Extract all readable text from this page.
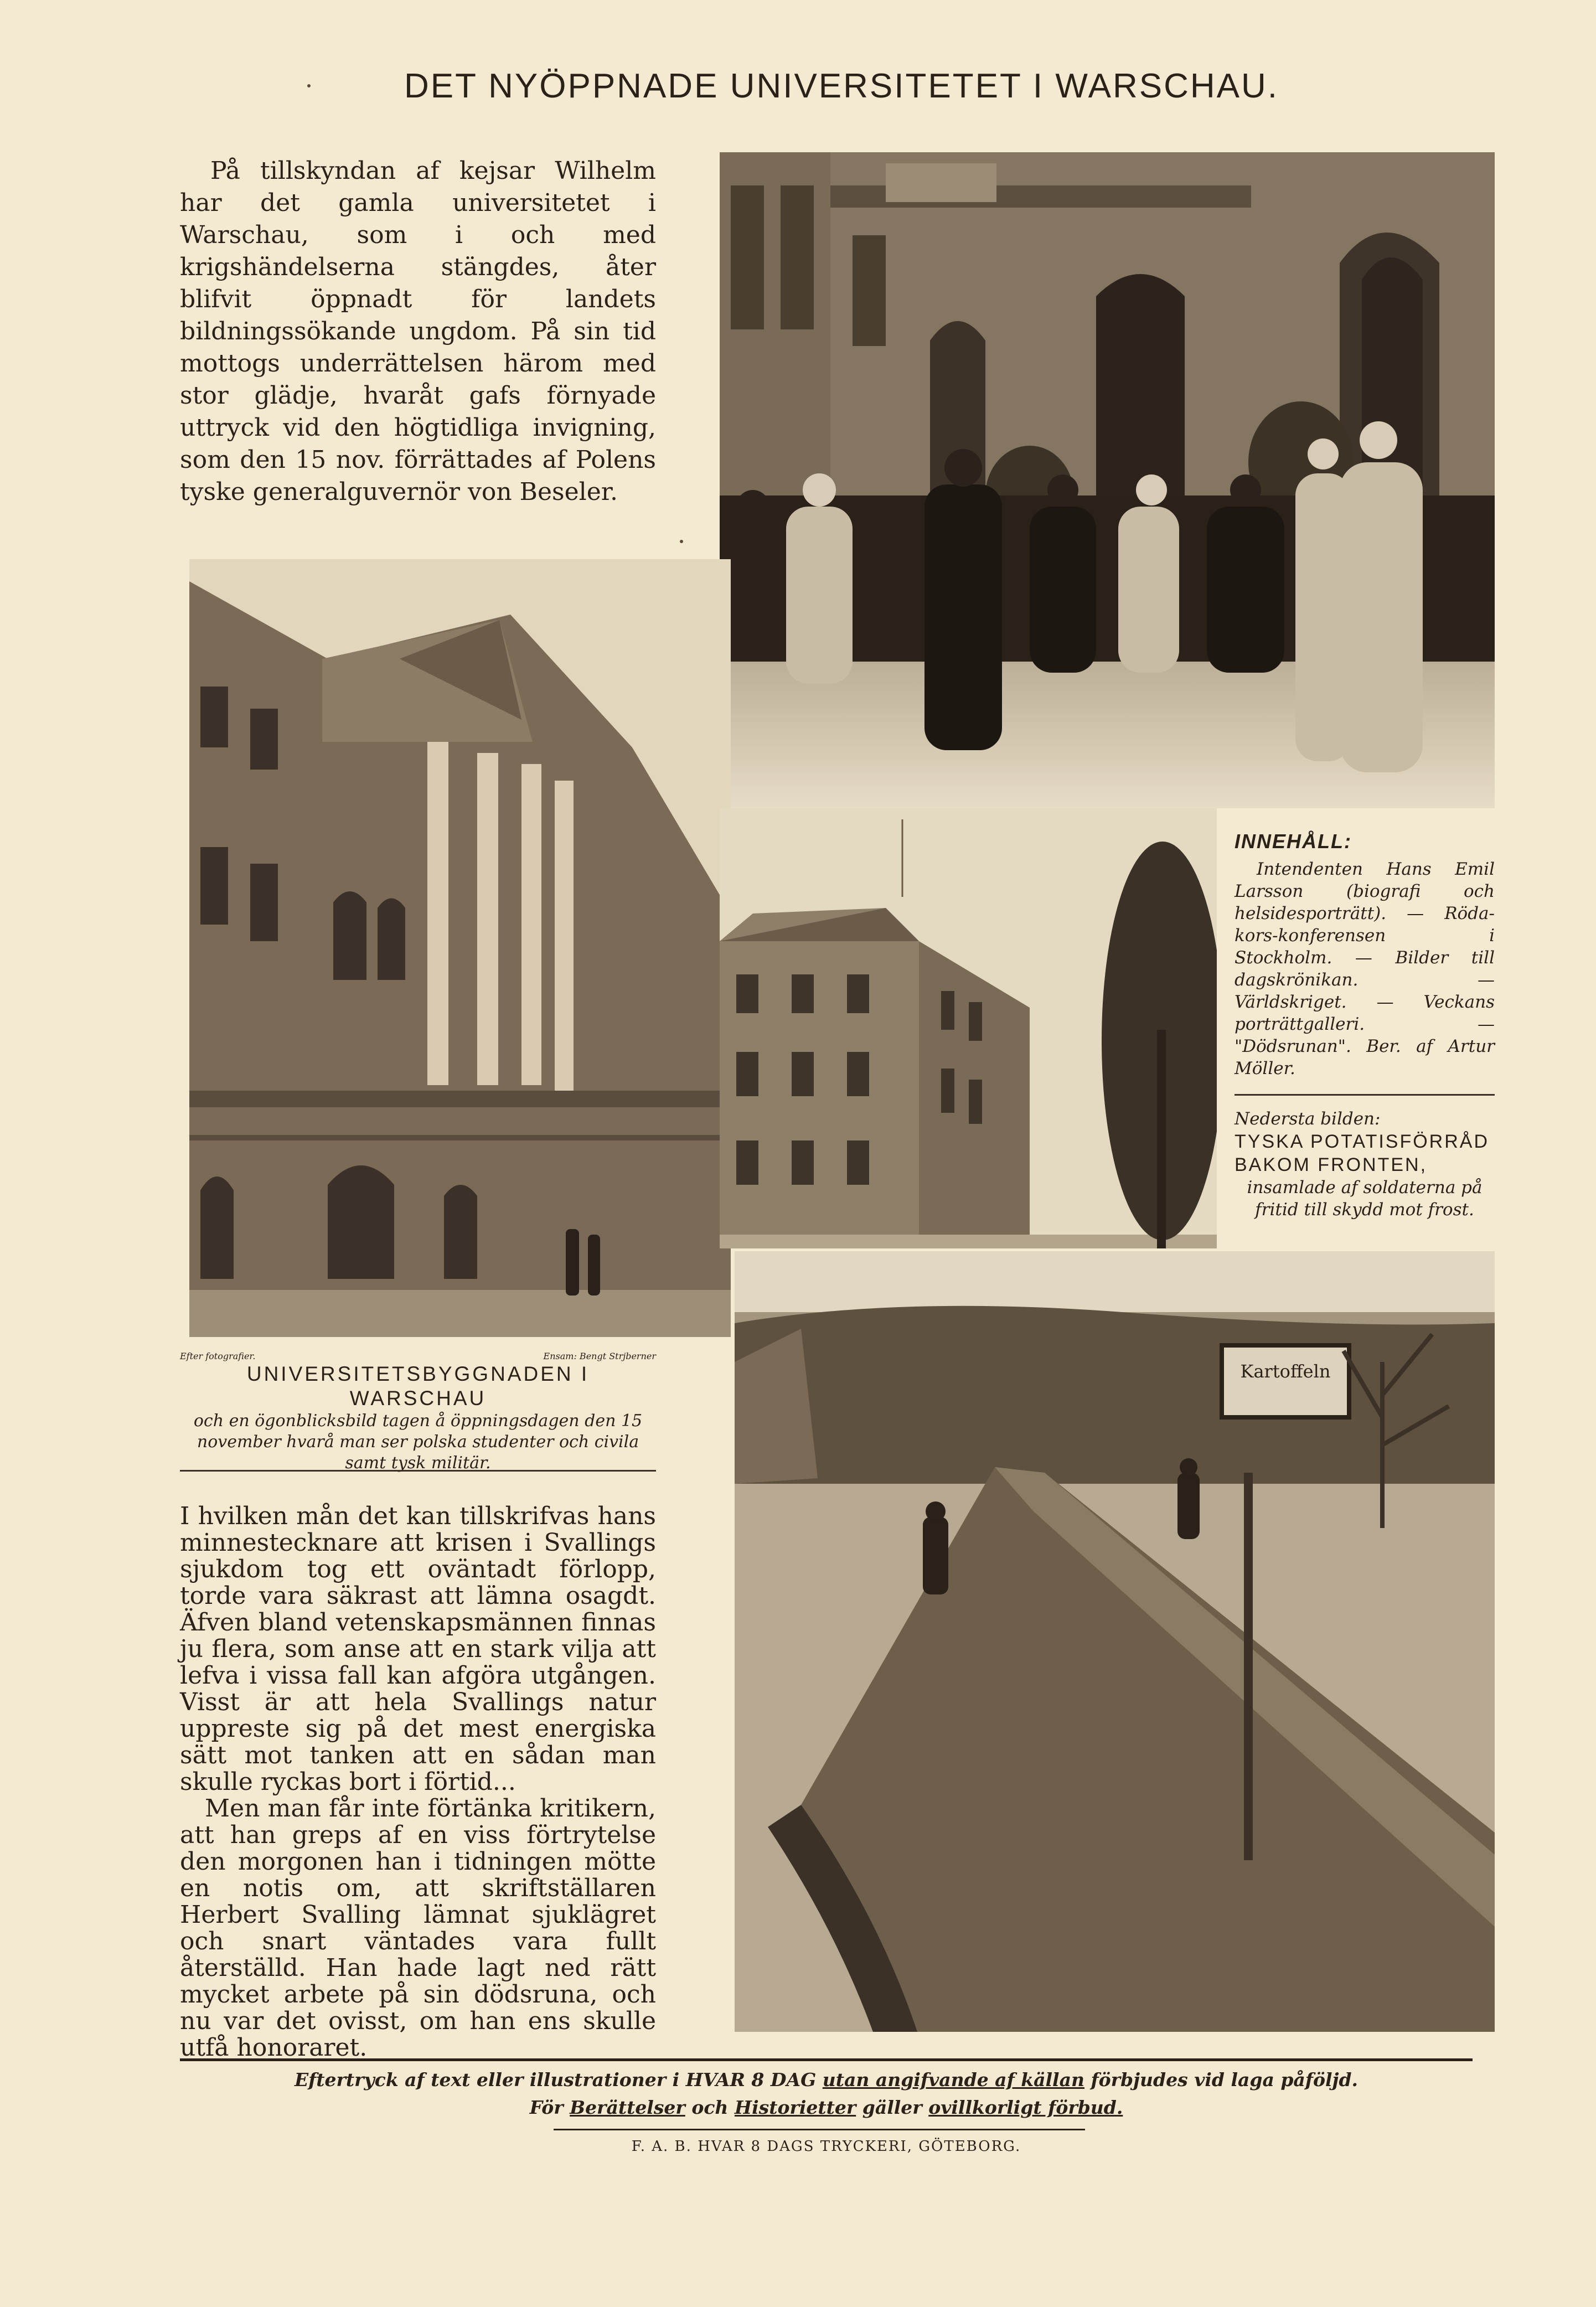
DET NYÖPPNADE UNIVERSITETET I WARSCHAU.
På tillskyndan af kejsar Wilhelm har det gamla universitetet i Warschau, som i och med krigshändelserna stängdes, åter blifvit öppnadt för landets bildningssökande ungdom. På sin tid mottogs underrättelsen härom med stor glädje, hvaråt gafs förnyade uttryck vid den högtidliga invigning, som den 15 nov. förrättades af Polens tyske generalguvernör von Beseler.
Kartoffeln
INNEHÅLL:
Intendenten Hans Emil Larsson (biografi och helsidesporträtt). — Röda-kors-konferensen i Stockholm. — Bilder till dagskrönikan. — Världskriget. — Veckans porträttgalleri. — "Dödsrunan". Ber. af Artur Möller.
Nedersta bilden:
TYSKA POTATISFÖRRÅD BAKOM FRONTEN,
insamlade af soldaterna på fritid till skydd mot frost.
Efter fotografier.	Ensam: Bengt Strjberner
UNIVERSITETSBYGGNADEN I WARSCHAU
och en ögonblicksbild tagen å öppningsdagen den 15 november hvarå man ser polska studenter och civila samt tysk militär.

I hvilken mån det kan tillskrifvas hans minnestecknare att krisen i Svallings sjukdom tog ett oväntadt förlopp, torde vara säkrast att lämna osagdt. Äfven bland vetenskapsmännen finnas ju flera, som anse att en stark vilja att lefva i vissa fall kan afgöra utgången. Visst är att hela Svallings natur uppreste sig på det mest energiska sätt mot tanken att en sådan man skulle ryckas bort i förtid...

Men man får inte förtänka kritikern, att han greps af en viss förtrytelse den morgonen han i tidningen mötte en notis om, att skriftställaren Herbert Svalling lämnat sjuklägret och snart väntades vara fullt återställd. Han hade lagt ned rätt mycket arbete på sin dödsruna, och nu var det ovisst, om han ens skulle utfå honoraret.

Eftertryck af text eller illustrationer i HVAR 8 DAG utan angifvande af källan förbjudes vid laga påföljd.
För Berättelser och Historietter gäller ovillkorligt förbud.
F. A. B. HVAR 8 DAGS TRYCKERI, GÖTEBORG.
